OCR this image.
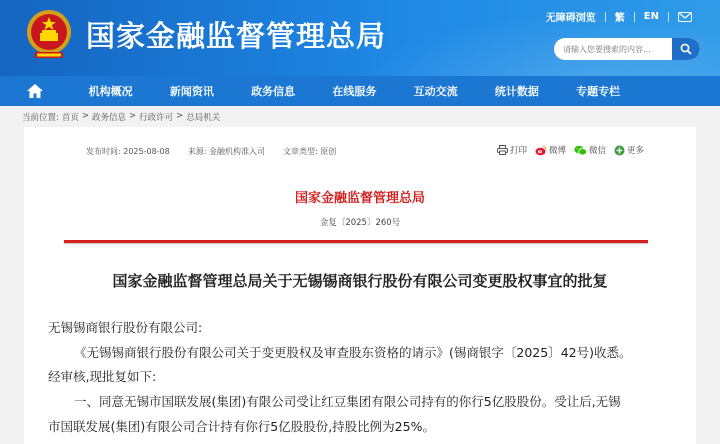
国家金融监督管理总局
无障碍浏览	繁	EN
请输入您要搜索的内容...
机构概况	新闻资讯	政务信息	在线服务	互动交流	统计数据	专题专栏
当前位置: 首页 > 政务信息 > 行政许可 > 总局机关
发布时间: 2025-08-08 来源: 金融机构准入司 文章类型: 原创	打印	微博	微信 更多
国家金融监督管理总局
金复〔2025〕260号
国家金融监督管理总局关于无锡锡商银行股份有限公司变更股权事宜的批复
无锡锡商银行股份有限公司:
《无锡锡商银行股份有限公司关于变更股权及审查股东资格的请示》(锡商银字〔2025〕42号)收悉。
经审核,现批复如下:
一、同意无锡市国联发展(集团)有限公司受让红豆集团有限公司持有的你行5亿股股份。受让后,无锡
市国联发展(集团)有限公司合计持有你行5亿股股份,持股比例为25%。
